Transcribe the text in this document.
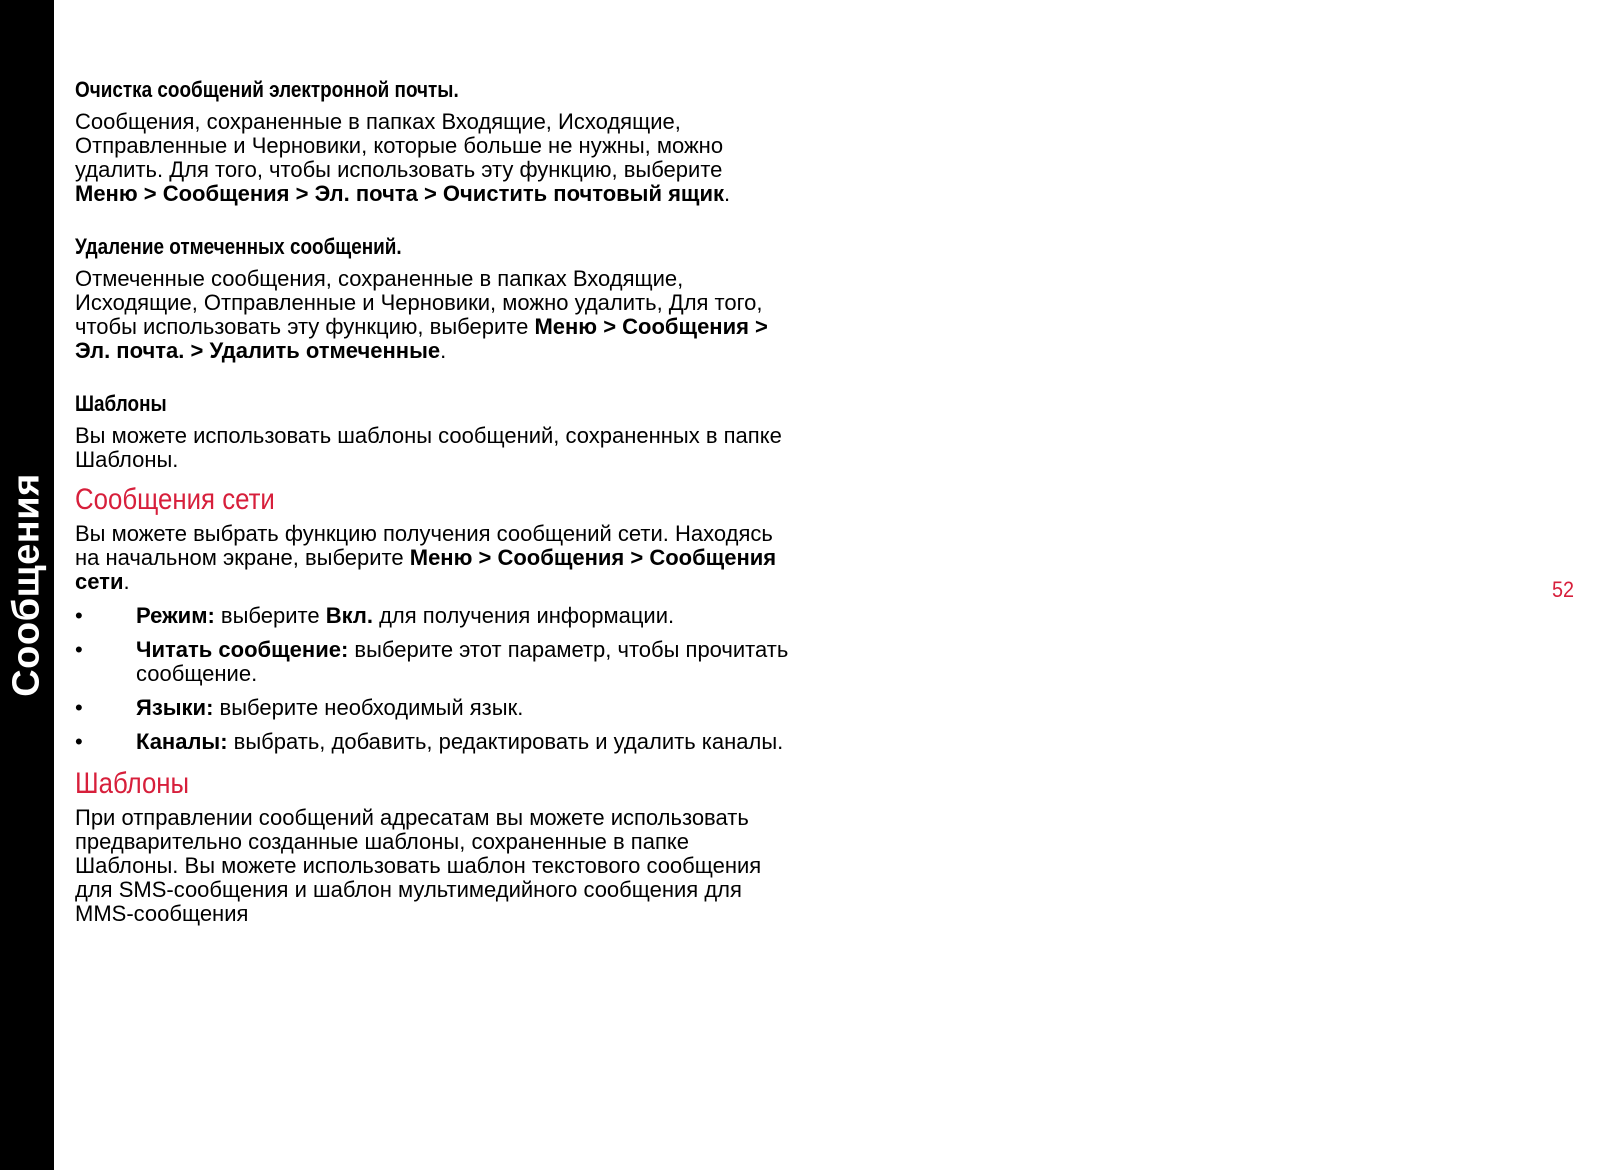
Сообщения
Очистка сообщений электронной почты.
Сообщения, сохраненные в папках Входящие, Исходящие, Отправленные и Черновики, которые больше не нужны, можно удалить. Для того, чтобы использовать эту функцию, выберите Меню > Сообщения > Эл. почта > Очистить почтовый ящик.
Удаление отмеченных сообщений.
Отмеченные сообщения, сохраненные в папках Входящие, Исходящие, Отправленные и Черновики, можно удалить, Для того, чтобы использовать эту функцию, выберите Меню > Сообщения > Эл. почта. > Удалить отмеченные.
Шаблоны
Вы можете использовать шаблоны сообщений, сохраненных в папке Шаблоны.
Сообщения сети
Вы можете выбрать функцию получения сообщений сети. Находясь на начальном экране, выберите Меню > Сообщения > Сообщения сети.
•	Режим: выберите Вкл. для получения информации.
•	Читать сообщение: выберите этот параметр, чтобы прочитать сообщение.
•	Языки: выберите необходимый язык.
•	Каналы: выбрать, добавить, редактировать и удалить каналы.
Шаблоны
При отправлении сообщений адресатам вы можете использовать предварительно созданные шаблоны, сохраненные в папке Шаблоны. Вы можете использовать шаблон текстового сообщения для SMS-сообщения и шаблон мультимедийного сообщения для MMS-сообщения
52
